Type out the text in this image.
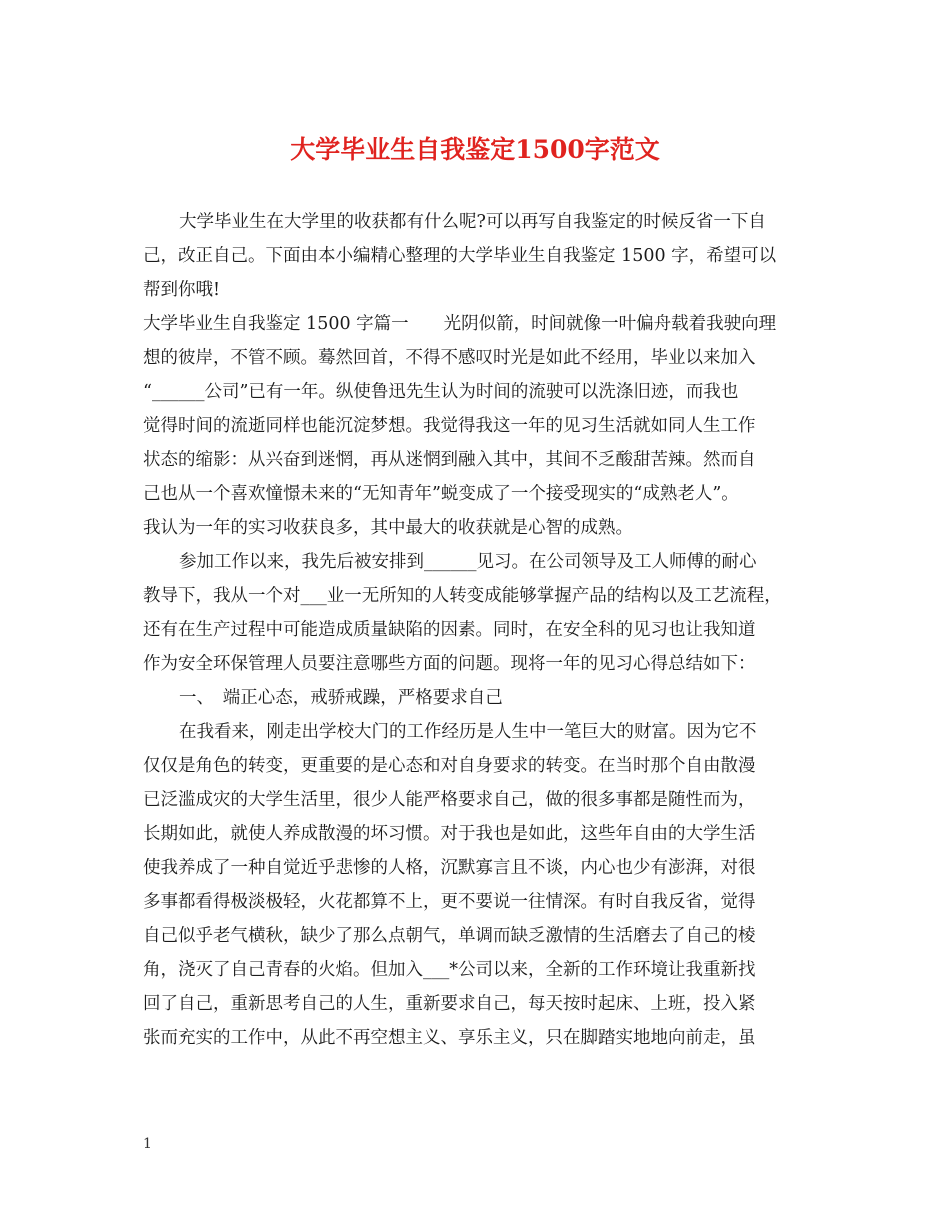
大学毕业生自我鉴定1500字范文
大学毕业生在大学里的收获都有什么呢?可以再写自我鉴定的时候反省一下自
己，改正自己。下面由本小编精心整理的大学毕业生自我鉴定 1500 字，希望可以
帮到你哦!
大学毕业生自我鉴定 1500 字篇一　　光阴似箭，时间就像一叶偏舟载着我驶向理
想的彼岸，不管不顾。蓦然回首，不得不感叹时光是如此不经用，毕业以来加入
“______公司”已有一年。纵使鲁迅先生认为时间的流驶可以洗涤旧迹，而我也
觉得时间的流逝同样也能沉淀梦想。我觉得我这一年的见习生活就如同人生工作
状态的缩影：从兴奋到迷惘，再从迷惘到融入其中，其间不乏酸甜苦辣。然而自
己也从一个喜欢憧憬未来的“无知青年”蜕变成了一个接受现实的“成熟老人”。
我认为一年的实习收获良多，其中最大的收获就是心智的成熟。
参加工作以来，我先后被安排到______见习。在公司领导及工人师傅的耐心
教导下，我从一个对___业一无所知的人转变成能够掌握产品的结构以及工艺流程，
还有在生产过程中可能造成质量缺陷的因素。同时，在安全科的见习也让我知道
作为安全环保管理人员要注意哪些方面的问题。现将一年的见习心得总结如下：
一、　端正心态，戒骄戒躁，严格要求自己
在我看来，刚走出学校大门的工作经历是人生中一笔巨大的财富。因为它不
仅仅是角色的转变，更重要的是心态和对自身要求的转变。在当时那个自由散漫
已泛滥成灾的大学生活里，很少人能严格要求自己，做的很多事都是随性而为，
长期如此，就使人养成散漫的坏习惯。对于我也是如此，这些年自由的大学生活
使我养成了一种自觉近乎悲惨的人格，沉默寡言且不谈，内心也少有澎湃，对很
多事都看得极淡极轻，火花都算不上，更不要说一往情深。有时自我反省，觉得
自己似乎老气横秋，缺少了那么点朝气，单调而缺乏激情的生活磨去了自己的棱
角，浇灭了自己青春的火焰。但加入___*公司以来，全新的工作环境让我重新找
回了自己，重新思考自己的人生，重新要求自己，每天按时起床、上班，投入紧
张而充实的工作中，从此不再空想主义、享乐主义，只在脚踏实地地向前走，虽
1
